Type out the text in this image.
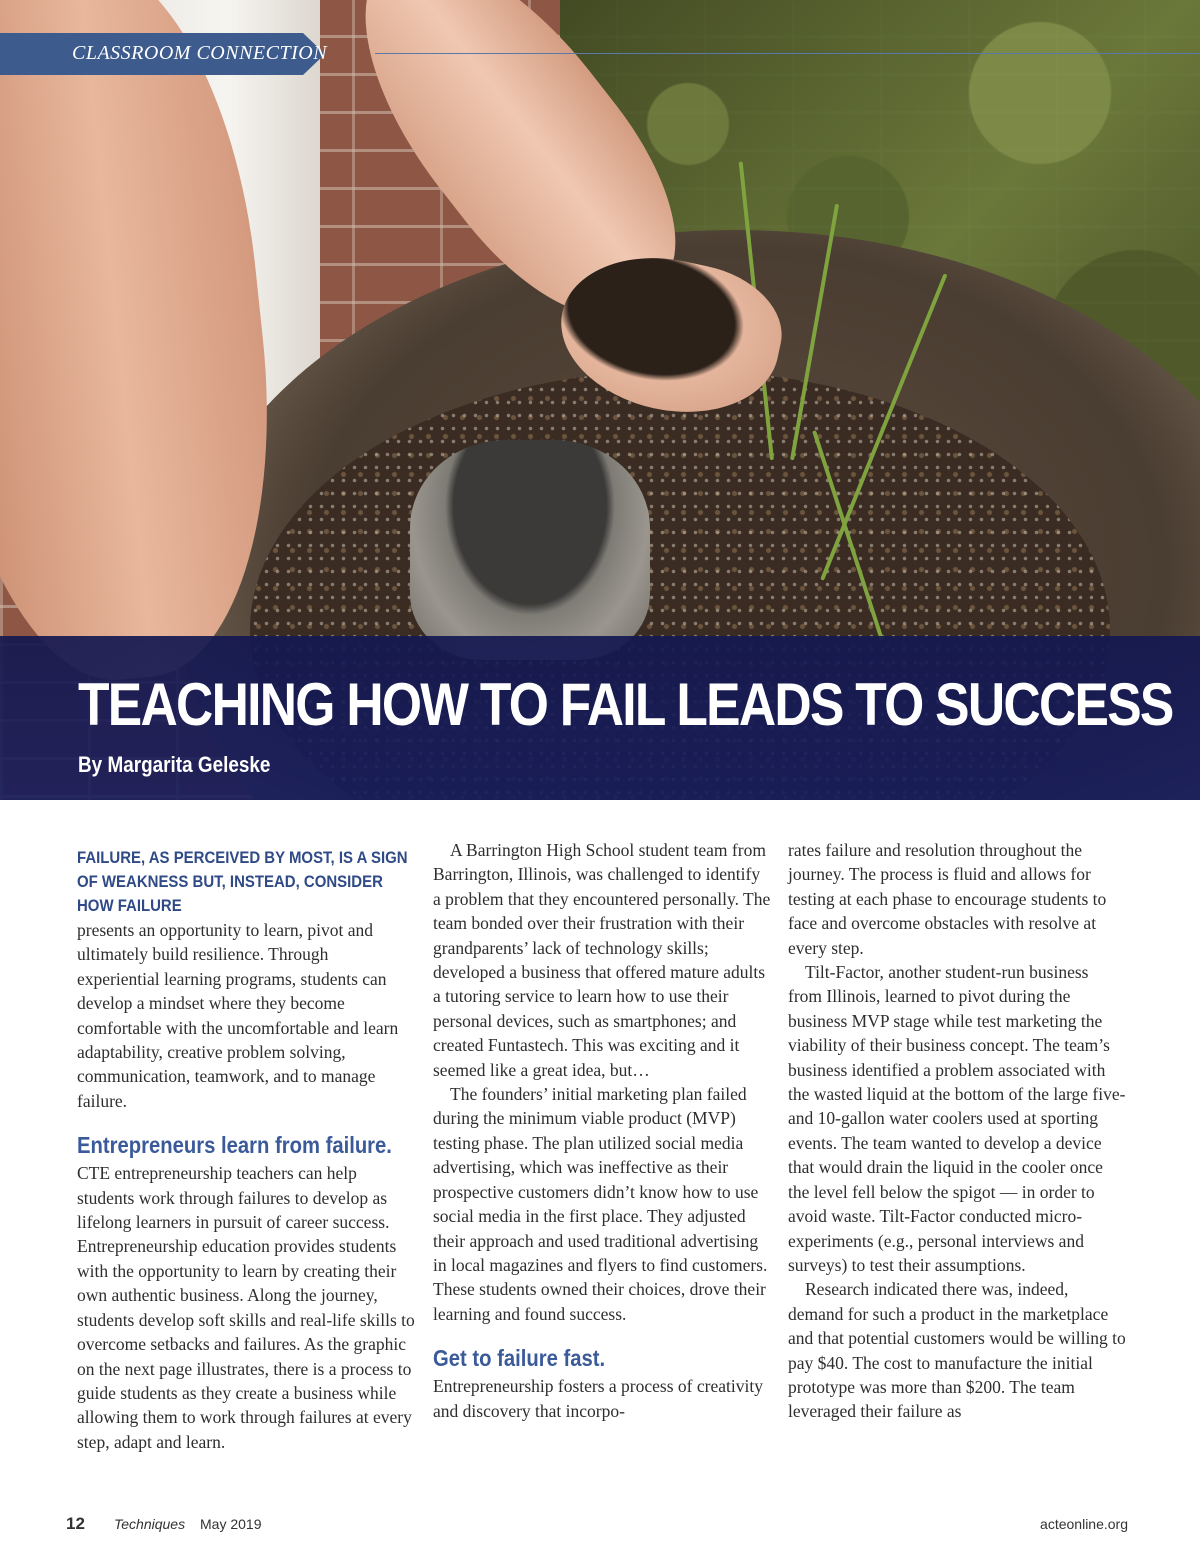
TEACHING HOW TO FAIL LEADS TO SUCCESS

By Margarita Geleske

CLASSROOM CONNECTION

FAILURE, AS PERCEIVED BY MOST, IS A SIGN OF WEAKNESS BUT, INSTEAD, CONSIDER HOW FAILURE

presents an opportunity to learn, pivot and ultimately build resilience. Through experiential learning programs, students can develop a mindset where they become comfortable with the uncomfortable and learn adaptability, creative problem solving, communication, teamwork, and to manage failure.

Entrepreneurs learn from failure.

CTE entrepreneurship teachers can help students work through failures to develop as lifelong learners in pursuit of career success. Entrepreneurship education provides students with the opportunity to learn by creating their own authentic business. Along the journey, students develop soft skills and real-life skills to overcome setbacks and failures. As the graphic on the next page illustrates, there is a process to guide students as they create a business while allowing them to work through failures at every step, adapt and learn.

A Barrington High School student team from Barrington, Illinois, was challenged to identify a problem that they encountered personally. The team bonded over their frustration with their grandparents’ lack of technology skills; developed a business that offered mature adults a tutoring service to learn how to use their personal devices, such as smartphones; and created Funtastech. This was exciting and it seemed like a great idea, but…

The founders’ initial marketing plan failed during the minimum viable product (MVP) testing phase. The plan utilized social media advertising, which was ineffective as their prospective customers didn’t know how to use social media in the first place. They adjusted their approach and used traditional advertising in local magazines and flyers to find customers. These students owned their choices, drove their learning and found success.

Get to failure fast.

Entrepreneurship fosters a process of creativity and discovery that incorpo-

rates failure and resolution throughout the journey. The process is fluid and allows for testing at each phase to encourage students to face and overcome obstacles with resolve at every step.

Tilt-Factor, another student-run business from Illinois, learned to pivot during the business MVP stage while test marketing the viability of their business concept. The team’s business identified a problem associated with the wasted liquid at the bottom of the large five- and 10-gallon water coolers used at sporting events. The team wanted to develop a device that would drain the liquid in the cooler once the level fell below the spigot — in order to avoid waste. Tilt-Factor conducted micro-experiments (e.g., personal interviews and surveys) to test their assumptions.

Research indicated there was, indeed, demand for such a product in the marketplace and that potential customers would be willing to pay $40. The cost to manufacture the initial prototype was more than $200. The team leveraged their failure as

12 Techniques May 2019	acteonline.org
